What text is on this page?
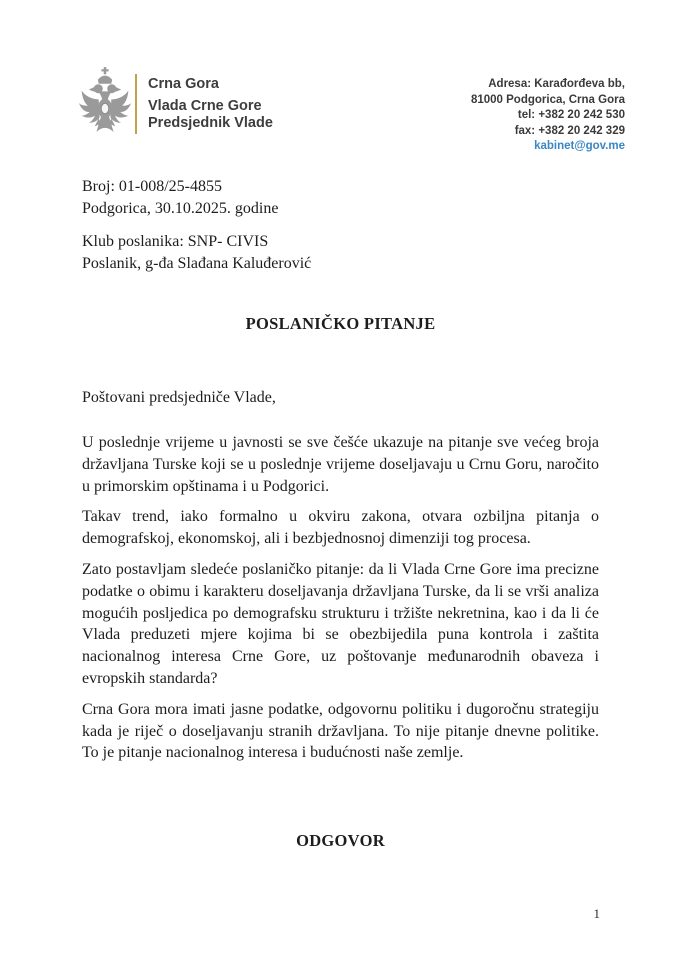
Crna Gora
Vlada Crne Gore
Predsjednik Vlade
Adresa: Karađorđeva bb,
81000 Podgorica, Crna Gora
tel: +382 20 242 530
fax: +382 20 242 329
kabinet@gov.me
Broj: 01-008/25-4855
Podgorica, 30.10.2025. godine
Klub poslanika: SNP- CIVIS
Poslanik, g-đa Slađana Kaluđerović
POSLANIČKO PITANJE

Poštovani predsjedniče Vlade,

U poslednje vrijeme u javnosti se sve češće ukazuje na pitanje sve većeg broja državljana Turske koji se u poslednje vrijeme doseljavaju u Crnu Goru, naročito u primorskim opštinama i u Podgorici.

Takav trend, iako formalno u okviru zakona, otvara ozbiljna pitanja o demografskoj, ekonomskoj, ali i bezbjednosnoj dimenziji tog procesa.

Zato postavljam sledeće poslaničko pitanje: da li Vlada Crne Gore ima precizne podatke o obimu i karakteru doseljavanja državljana Turske, da li se vrši analiza mogućih posljedica po demografsku strukturu i tržište nekretnina, kao i da li će Vlada preduzeti mjere kojima bi se obezbijedila puna kontrola i zaštita nacionalnog interesa Crne Gore, uz poštovanje međunarodnih obaveza i evropskih standarda?

Crna Gora mora imati jasne podatke, odgovornu politiku i dugoročnu strategiju kada je riječ o doseljavanju stranih državljana. To nije pitanje dnevne politike. To je pitanje nacionalnog interesa i budućnosti naše zemlje.

ODGOVOR
1
